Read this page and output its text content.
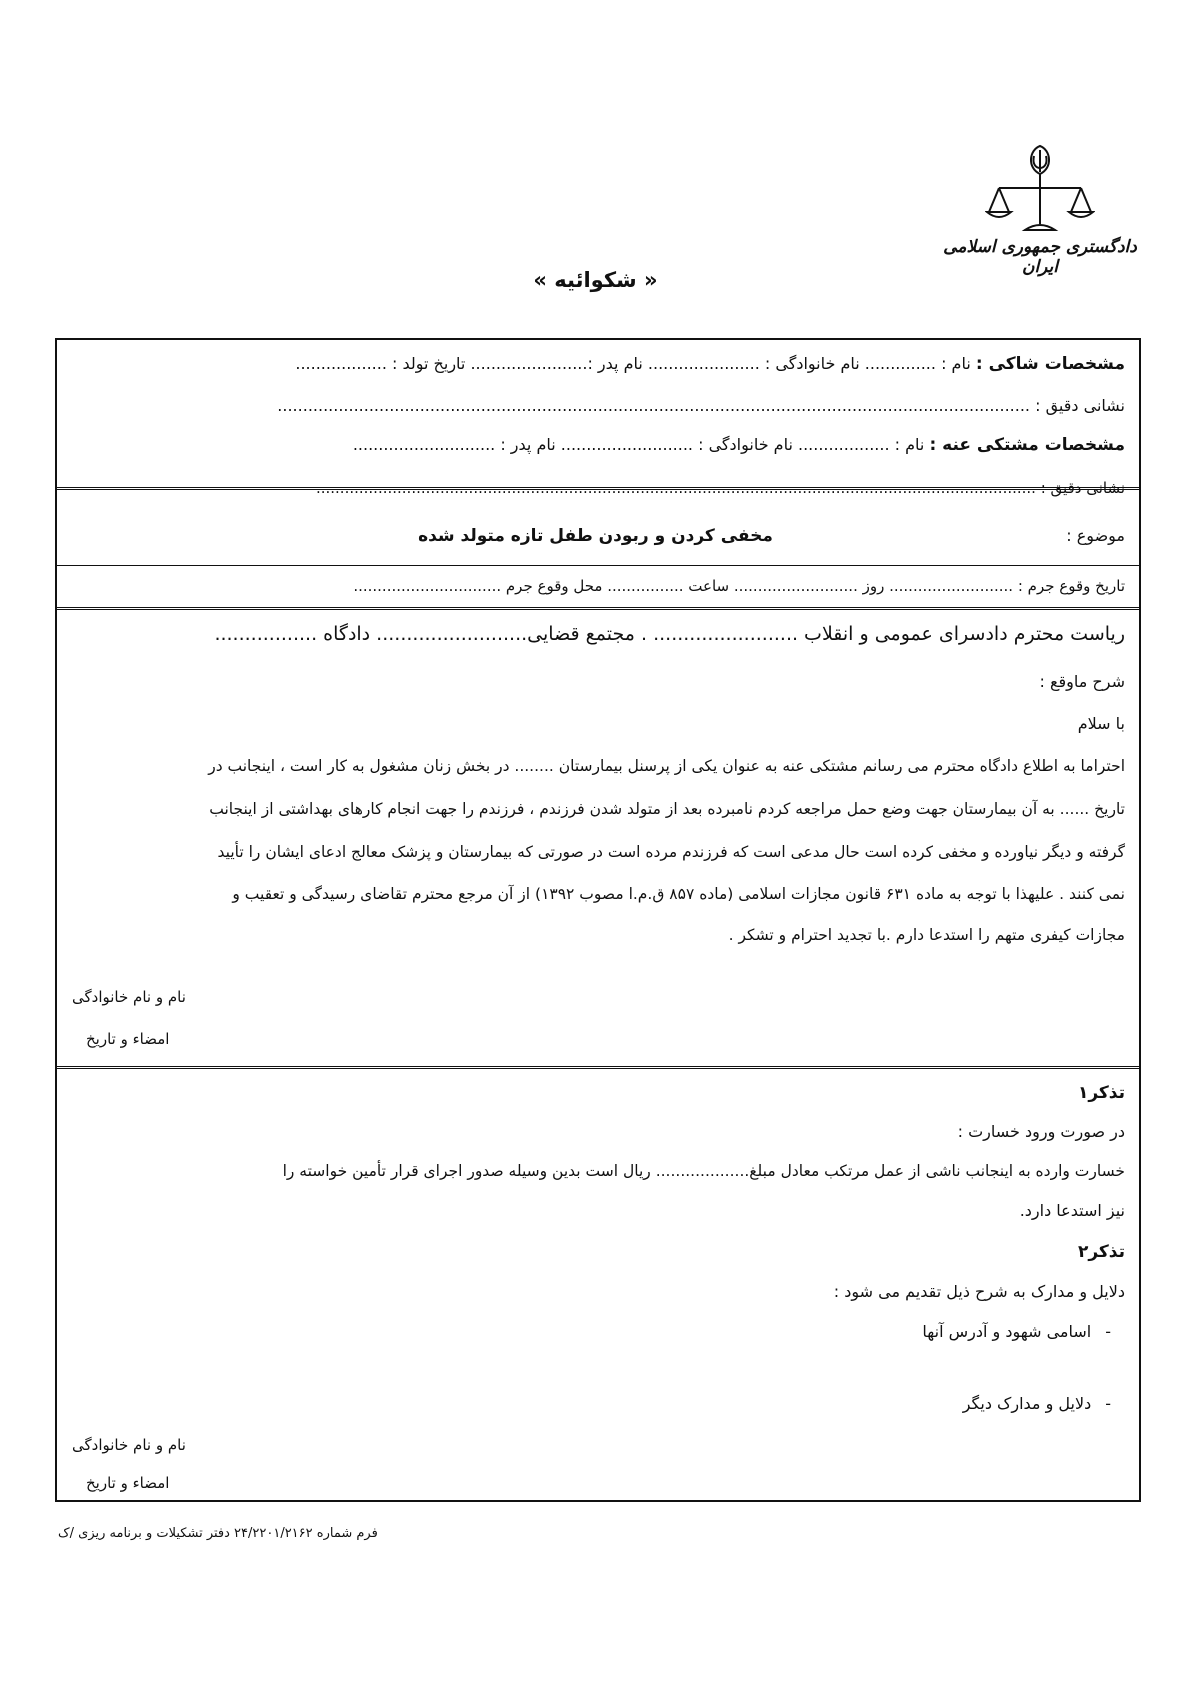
دادگستری جمهوری اسلامی ایران
« شکوائیه »
مشخصات شاکی : نام : .............. نام خانوادگی : ...................... نام پدر :....................... تاریخ تولد : ..................
نشانی دقیق : ....................................................................................................................................................
مشخصات مشتکی عنه : نام : .................. نام خانوادگی : .......................... نام پدر : ............................
نشانی دقیق : .......................................................................................................................................................
موضوع :
مخفی کردن و ربودن طفل تازه متولد شده
تاریخ وقوع جرم : .......................... روز .......................... ساعت ................ محل وقوع جرم ...............................
ریاست محترم دادسرای عمومی و انقلاب ........................ . مجتمع قضایی......................... دادگاه .................
شرح ماوقع :
با سلام
احتراما به اطلاع دادگاه محترم می رسانم مشتکی عنه به عنوان یکی از پرسنل بیمارستان ........ در بخش زنان مشغول به کار است ، اینجانب در
تاریخ ...... به آن بیمارستان جهت وضع حمل مراجعه کردم نامبرده بعد از متولد شدن فرزندم ، فرزندم را جهت انجام کارهای بهداشتی از اینجانب
گرفته و دیگر نیاورده و مخفی کرده است حال مدعی است که فرزندم مرده است در صورتی که بیمارستان و پزشک معالج ادعای ایشان را تأیید
نمی کنند . علیهذا با توجه به ماده ۶۳۱ قانون مجازات اسلامی (ماده ۸۵۷ ق.م.ا مصوب ۱۳۹۲) از آن مرجع محترم تقاضای رسیدگی و تعقیب و
مجازات کیفری متهم را استدعا دارم .با تجدید احترام و تشکر .
نام و نام خانوادگی
امضاء و تاریخ
تذکر۱
در صورت ورود خسارت :
خسارت وارده به اینجانب ناشی از عمل مرتکب معادل مبلغ................... ریال است بدین وسیله صدور اجرای قرار تأمین خواسته را
نیز استدعا دارد.
تذکر۲
دلایل و مدارک به شرح ذیل تقدیم می شود :
-اسامی شهود و آدرس آنها
-دلایل و مدارک دیگر
نام و نام خانوادگی
امضاء و تاریخ
فرم شماره ۲۴/۲۲۰۱/۲۱۶۲ دفتر تشکیلات و برنامه ریزی /ک
